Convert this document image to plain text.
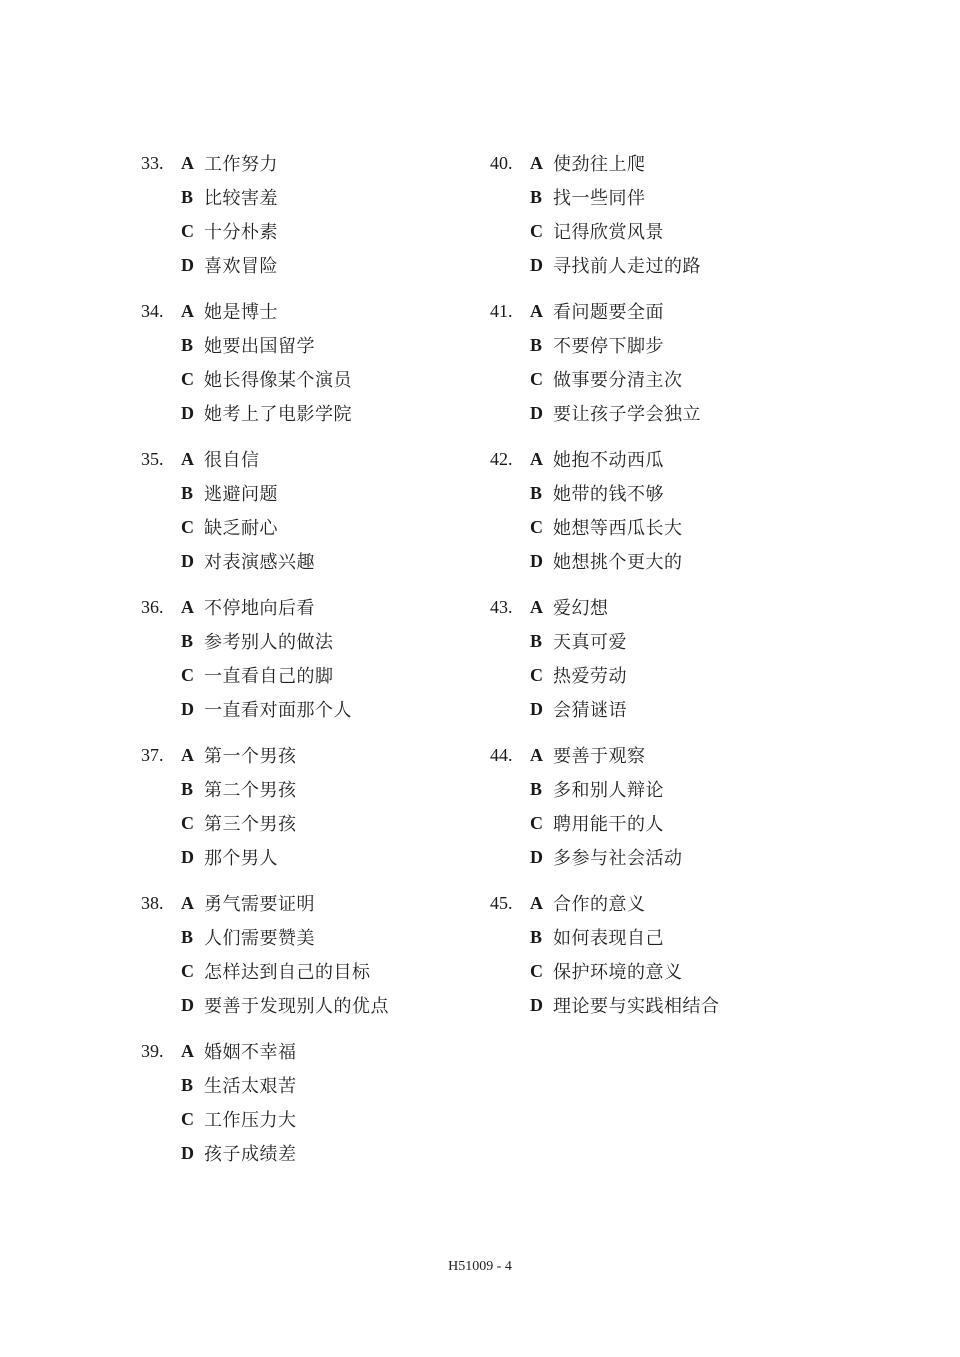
33. A 工作努力
B 比较害羞
C 十分朴素
D 喜欢冒险
34. A 她是博士
B 她要出国留学
C 她长得像某个演员
D 她考上了电影学院
35. A 很自信
B 逃避问题
C 缺乏耐心
D 对表演感兴趣
36. A 不停地向后看
B 参考别人的做法
C 一直看自己的脚
D 一直看对面那个人
37. A 第一个男孩
B 第二个男孩
C 第三个男孩
D 那个男人
38. A 勇气需要证明
B 人们需要赞美
C 怎样达到自己的目标
D 要善于发现别人的优点
39. A 婚姻不幸福
B 生活太艰苦
C 工作压力大
D 孩子成绩差
40. A 使劲往上爬
B 找一些同伴
C 记得欣赏风景
D 寻找前人走过的路
41. A 看问题要全面
B 不要停下脚步
C 做事要分清主次
D 要让孩子学会独立
42. A 她抱不动西瓜
B 她带的钱不够
C 她想等西瓜长大
D 她想挑个更大的
43. A 爱幻想
B 天真可爱
C 热爱劳动
D 会猜谜语
44. A 要善于观察
B 多和别人辩论
C 聘用能干的人
D 多参与社会活动
45. A 合作的意义
B 如何表现自己
C 保护环境的意义
D 理论要与实践相结合
H51009 - 4
